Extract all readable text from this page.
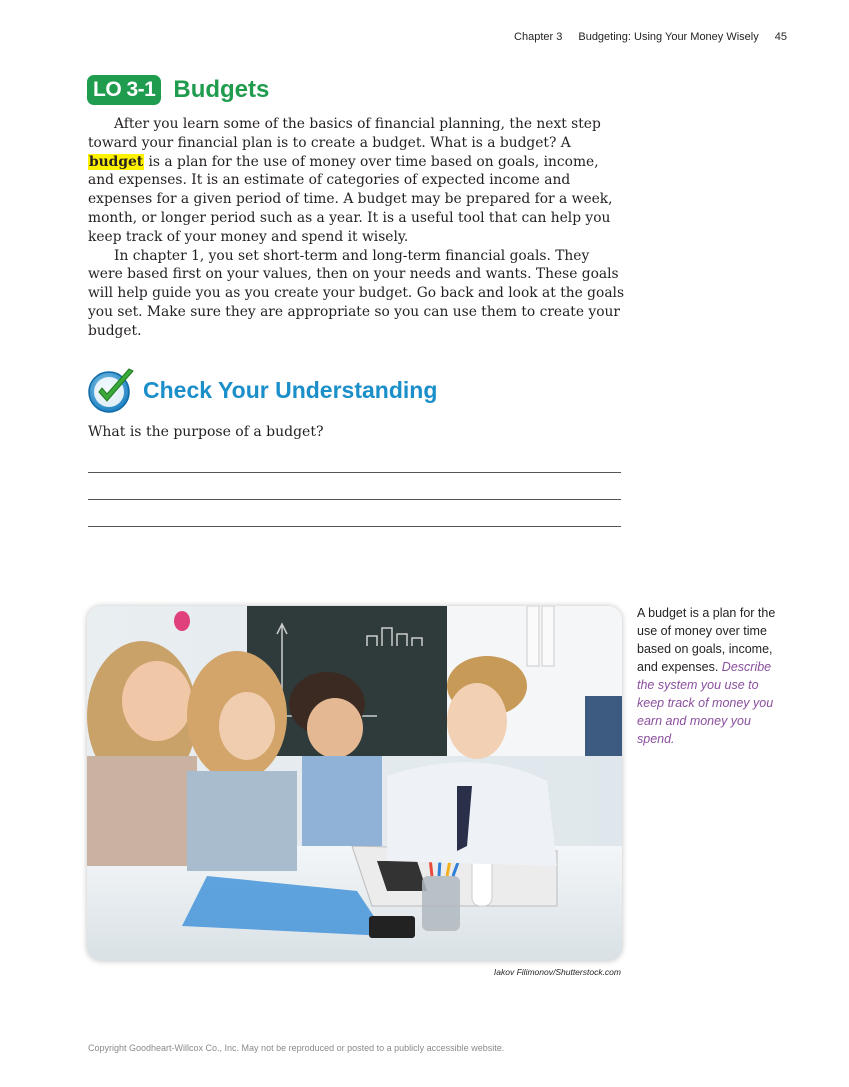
Chapter 3 Budgeting: Using Your Money Wisely 45
LO 3-1 Budgets

After you learn some of the basics of financial planning, the next step toward your financial plan is to create a budget. What is a budget? A budget is a plan for the use of money over time based on goals, income, and expenses. It is an estimate of categories of expected income and expenses for a given period of time. A budget may be prepared for a week, month, or longer period such as a year. It is a useful tool that can help you keep track of your money and spend it wisely.

In chapter 1, you set short-term and long-term financial goals. They were based first on your values, then on your needs and wants. These goals will help guide you as you create your budget. Go back and look at the goals you set. Make sure they are appropriate so you can use them to create your budget.

Check Your Understanding
What is the purpose of a budget?
Iakov Filimonov/Shutterstock.com
A budget is a plan for the use of money over time based on goals, income, and expenses. Describe the system you use to keep track of money you earn and money you spend.
Copyright Goodheart-Willcox Co., Inc. May not be reproduced or posted to a publicly accessible website.
